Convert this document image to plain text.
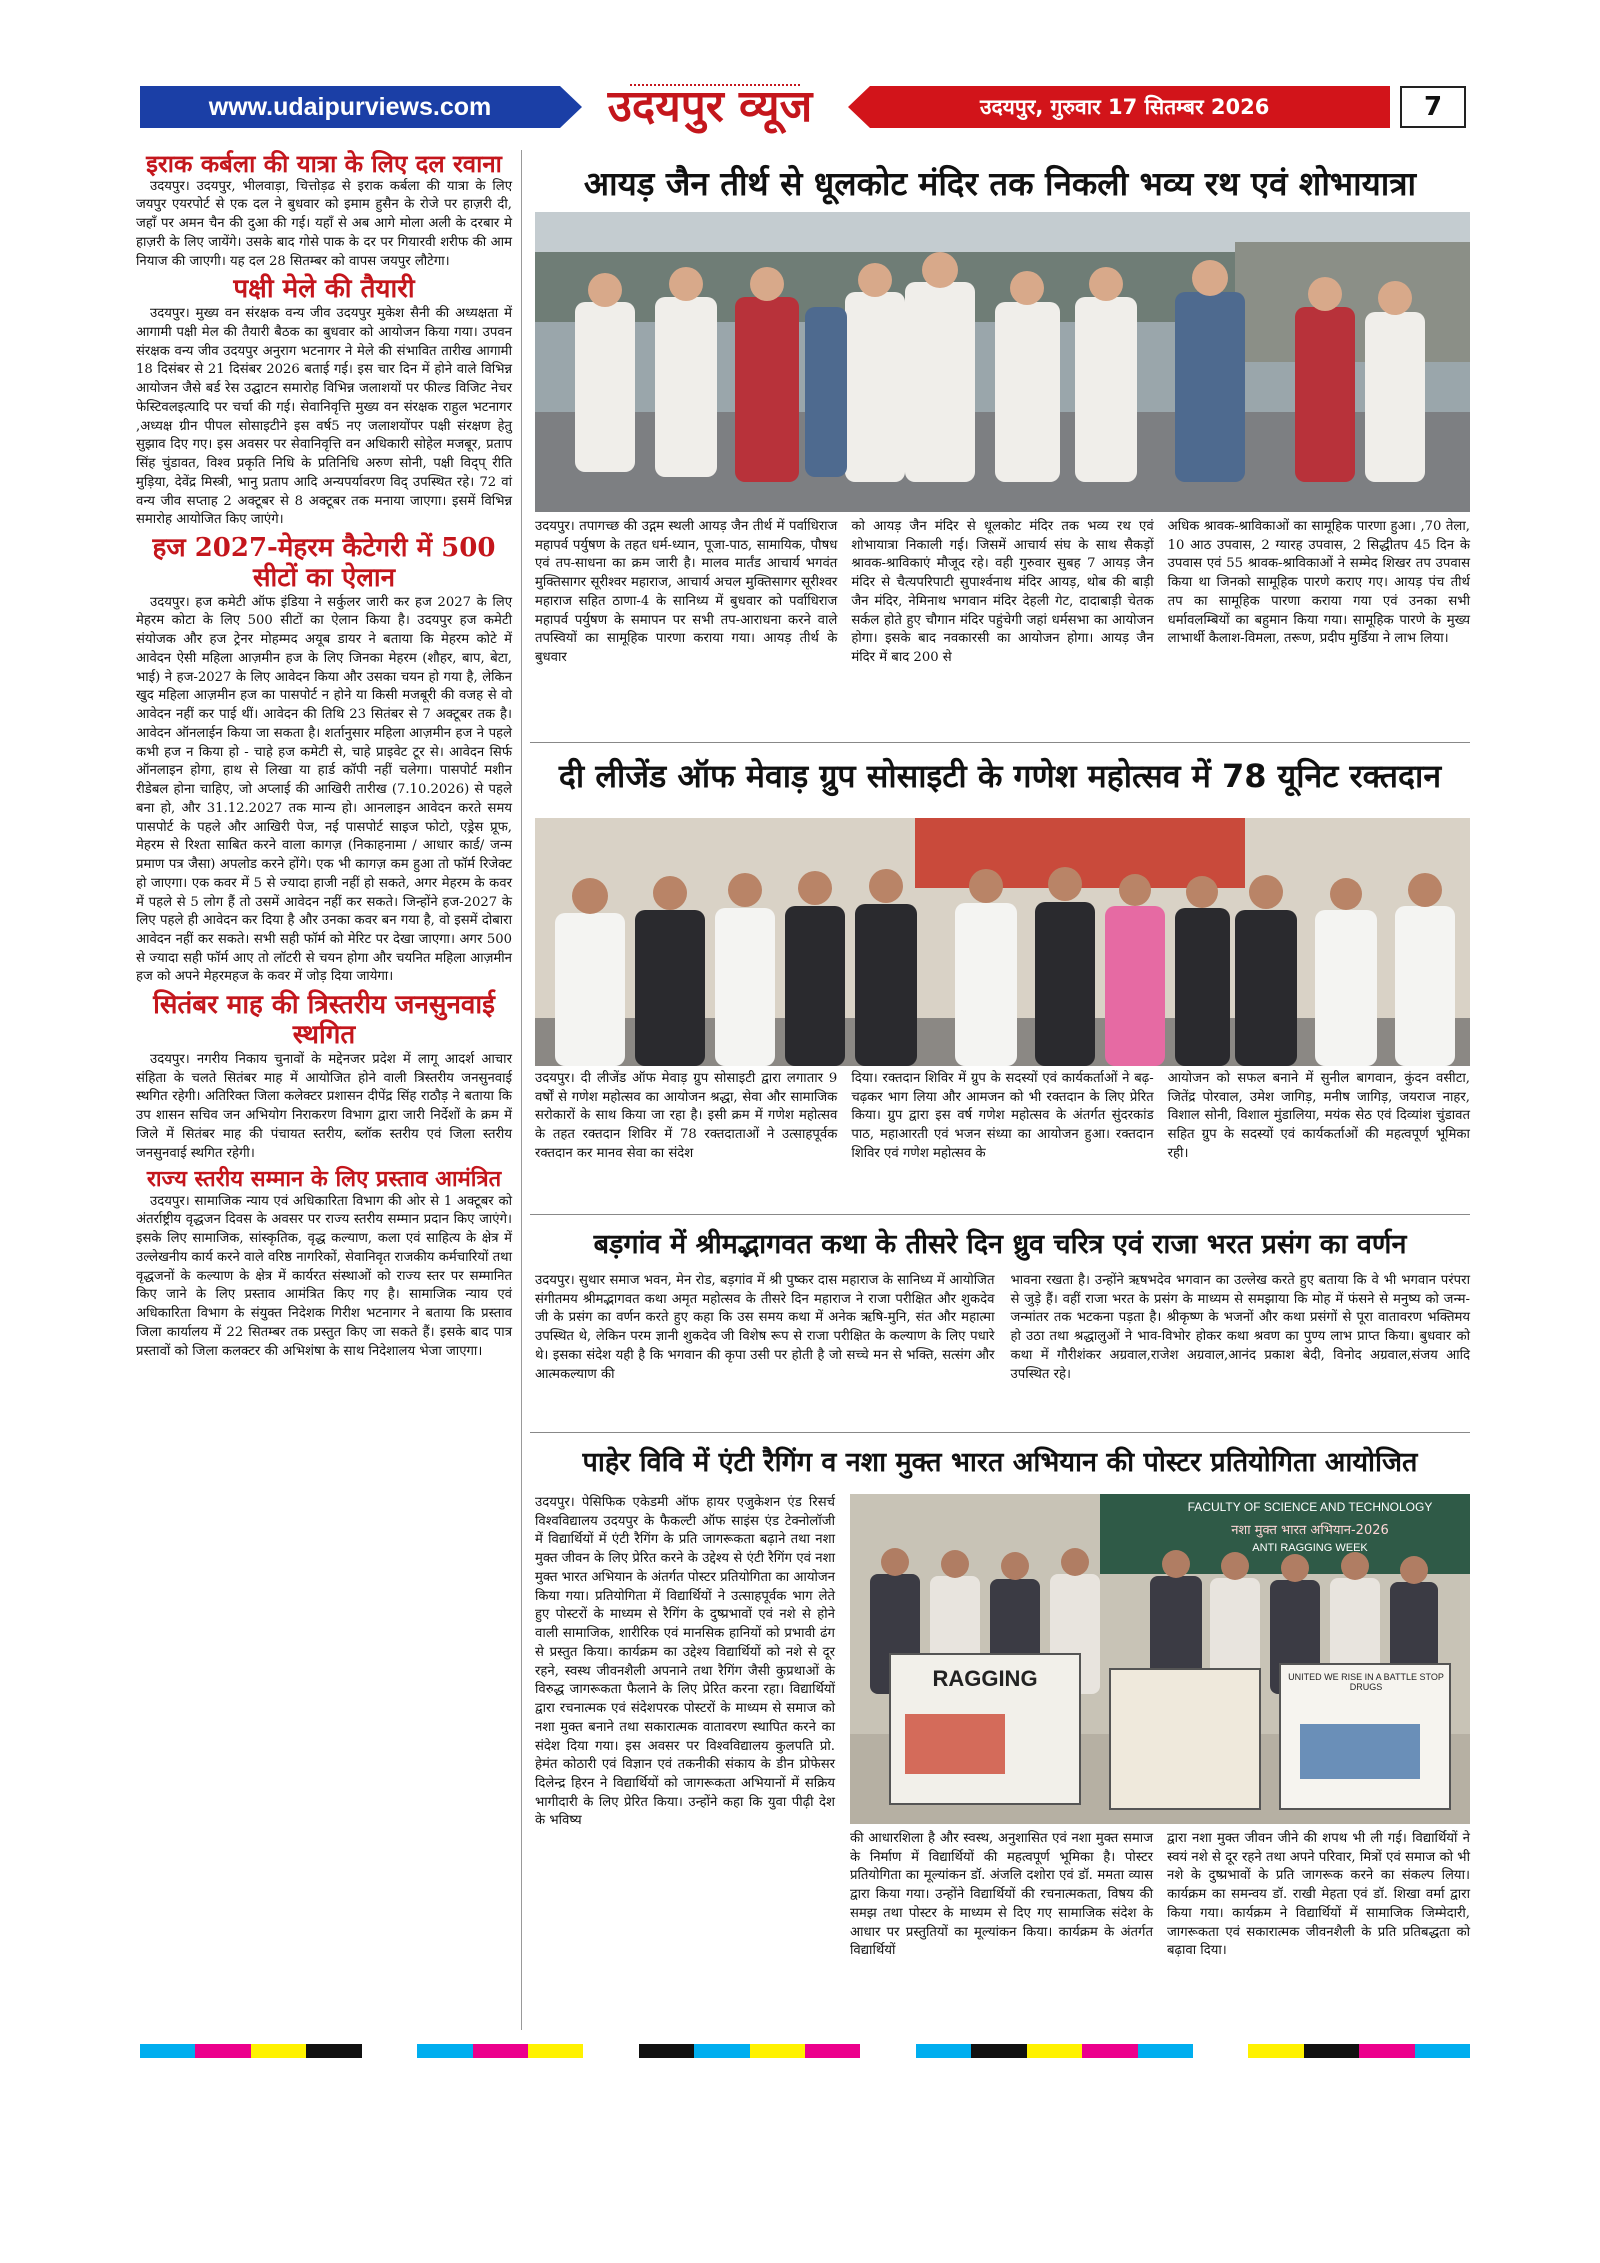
www.udaipurviews.com	उदयपुर व्यूज	उदयपुर, गुरुवार 17 सितम्बर 2026	7
इराक कर्बला की यात्रा के लिए दल रवाना

उदयपुर। उदयपुर, भीलवाड़ा, चित्तोड़ढ से इराक कर्बला की यात्रा के लिए जयपुर एयरपोर्ट से एक दल ने बुधवार को इमाम हुसैन के रोजे पर हाज़री दी, जहाँ पर अमन चैन की दुआ की गई। यहाँ से अब आगे मोला अली के दरबार मे हाज़री के लिए जायेंगे। उसके बाद गोसे पाक के दर पर गियारवी शरीफ की आम नियाज की जाएगी। यह दल 28 सितम्बर को वापस जयपुर लौटेगा।

पक्षी मेले की तैयारी

उदयपुर। मुख्य वन संरक्षक वन्य जीव उदयपुर मुकेश सैनी की अध्यक्षता में आगामी पक्षी मेल की तैयारी बैठक का बुधवार को आयोजन किया गया। उपवन संरक्षक वन्य जीव उदयपुर अनुराग भटनागर ने मेले की संभावित तारीख आगामी 18 दिसंबर से 21 दिसंबर 2026 बताई गई। इस चार दिन में होने वाले विभिन्न आयोजन जैसे बर्ड रेस उद्घाटन समारोह विभिन्न जलाशयों पर फील्ड विजिट नेचर फेस्टिवलइत्यादि पर चर्चा की गई। सेवानिवृत्ति मुख्य वन संरक्षक राहुल भटनागर ,अध्यक्ष ग्रीन पीपल सोसाइटीने इस वर्ष5 नए जलाशयोंपर पक्षी संरक्षण हेतु सुझाव दिए गए। इस अवसर पर सेवानिवृत्ति वन अधिकारी सोहेल मजबूर, प्रताप सिंह चुंडावत, विश्व प्रकृति निधि के प्रतिनिधि अरुण सोनी, पक्षी विद्प् रीति मुड़िया, देवेंद्र मिस्त्री, भानु प्रताप आदि अन्यपर्यावरण विद् उपस्थित रहे। 72 वां वन्य जीव सप्ताह 2 अक्टूबर से 8 अक्टूबर तक मनाया जाएगा। इसमें विभिन्न समारोह आयोजित किए जाएंगे।

हज 2027-मेहरम कैटेगरी में 500 सीटों का ऐलान

उदयपुर। हज कमेटी ऑफ इंडिया ने सर्कुलर जारी कर हज 2027 के लिए मेहरम कोटा के लिए 500 सीटों का ऐलान किया है। उदयपुर हज कमेटी संयोजक और हज ट्रेनर मोहम्मद अयूब डायर ने बताया कि मेहरम कोटे में आवेदन ऐसी महिला आज़मीन हज के लिए जिनका मेहरम (शौहर, बाप, बेटा, भाई) ने हज-2027 के लिए आवेदन किया और उसका चयन हो गया है, लेकिन खुद महिला आज़मीन हज का पासपोर्ट न होने या किसी मजबूरी की वजह से वो आवेदन नहीं कर पाई थीं। आवेदन की तिथि 23 सितंबर से 7 अक्टूबर तक है। आवेदन ऑनलाईन किया जा सकता है। शर्तानुसार महिला आज़मीन हज ने पहले कभी हज न किया हो - चाहे हज कमेटी से, चाहे प्राइवेट टूर से। आवेदन सिर्फ ऑनलाइन होगा, हाथ से लिखा या हार्ड कॉपी नहीं चलेगा। पासपोर्ट मशीन रीडेबल होना चाहिए, जो अप्लाई की आखिरी तारीख (7.10.2026) से पहले बना हो, और 31.12.2027 तक मान्य हो। आनलाइन आवेदन करते समय पासपोर्ट के पहले और आखिरी पेज, नई पासपोर्ट साइज फोटो, एड्रेस प्रूफ, मेहरम से रिश्ता साबित करने वाला कागज़ (निकाहनामा / आधार कार्ड/ जन्म प्रमाण पत्र जैसा) अपलोड करने होंगे। एक भी कागज़ कम हुआ तो फॉर्म रिजेक्ट हो जाएगा। एक कवर में 5 से ज्यादा हाजी नहीं हो सकते, अगर मेहरम के कवर में पहले से 5 लोग हैं तो उसमें आवेदन नहीं कर सकते। जिन्होंने हज-2027 के लिए पहले ही आवेदन कर दिया है और उनका कवर बन गया है, वो इसमें दोबारा आवेदन नहीं कर सकते। सभी सही फॉर्म को मेरिट पर देखा जाएगा। अगर 500 से ज्यादा सही फॉर्म आए तो लॉटरी से चयन होगा और चयनित महिला आज़मीन हज को अपने मेहरमहज के कवर में जोड़ दिया जायेगा।

सितंबर माह की त्रिस्तरीय जनसुनवाई स्थगित

उदयपुर। नगरीय निकाय चुनावों के मद्देनजर प्रदेश में लागू आदर्श आचार संहिता के चलते सितंबर माह में आयोजित होने वाली त्रिस्तरीय जनसुनवाई स्थगित रहेगी। अतिरिक्त जिला कलेक्टर प्रशासन दीपेंद्र सिंह राठौड़ ने बताया कि उप शासन सचिव जन अभियोग निराकरण विभाग द्वारा जारी निर्देशों के क्रम में जिले में सितंबर माह की पंचायत स्तरीय, ब्लॉक स्तरीय एवं जिला स्तरीय जनसुनवाई स्थगित रहेगी।

राज्य स्तरीय सम्मान के लिए प्रस्ताव आमंत्रित

उदयपुर। सामाजिक न्याय एवं अधिकारिता विभाग की ओर से 1 अक्टूबर को अंतर्राष्ट्रीय वृद्धजन दिवस के अवसर पर राज्य स्तरीय सम्मान प्रदान किए जाएंगे। इसके लिए सामाजिक, सांस्कृतिक, वृद्ध कल्याण, कला एवं साहित्य के क्षेत्र में उल्लेखनीय कार्य करने वाले वरिष्ठ नागरिकों, सेवानिवृत राजकीय कर्मचारियों तथा वृद्धजनों के कल्याण के क्षेत्र में कार्यरत संस्थाओं को राज्य स्तर पर सम्मानित किए जाने के लिए प्रस्ताव आमंत्रित किए गए है। सामाजिक न्याय एवं अधिकारिता विभाग के संयुक्त निदेशक गिरीश भटनागर ने बताया कि प्रस्ताव जिला कार्यालय में 22 सितम्बर तक प्रस्तुत किए जा सकते हैं। इसके बाद पात्र प्रस्तावों को जिला कलक्टर की अभिशंषा के साथ निदेशालय भेजा जाएगा।

आयड़ जैन तीर्थ से धूलकोट मंदिर तक निकली भव्य रथ एवं शोभायात्रा
उदयपुर। तपागच्छ की उद्गम स्थली आयड़ जैन तीर्थ में पर्वाधिराज महापर्व पर्युषण के तहत धर्म-ध्यान, पूजा-पाठ, सामायिक, पौषध एवं तप-साधना का क्रम जारी है। मालव मार्तंड आचार्य भगवंत मुक्तिसागर सूरीश्वर महाराज, आचार्य अचल मुक्तिसागर सूरीश्वर महाराज सहित ठाणा-4 के सानिध्य में बुधवार को पर्वाधिराज महापर्व पर्युषण के समापन पर सभी तप-आराधना करने वाले तपस्वियों का सामूहिक पारणा कराया गया। आयड़ तीर्थ के बुधवार
को आयड़ जैन मंदिर से धूलकोट मंदिर तक भव्य रथ एवं शोभायात्रा निकाली गई। जिसमें आचार्य संघ के साथ सैकड़ों श्रावक-श्राविकाएं मौजूद रहे। वही गुरुवार सुबह 7 आयड़ जैन मंदिर से चैत्यपरिपाटी सुपार्श्वनाथ मंदिर आयड़, थोब की बाड़ी जैन मंदिर, नेमिनाथ भगवान मंदिर देहली गेट, दादाबाड़ी चेतक सर्कल होते हुए चौगान मंदिर पहुंचेगी जहां धर्मसभा का आयोजन होगा। इसके बाद नवकारसी का आयोजन होगा। आयड़ जैन मंदिर में बाद 200 से
अधिक श्रावक-श्राविकाओं का सामूहिक पारणा हुआ। ,70 तेला, 10 आठ उपवास, 2 ग्यारह उपवास, 2 सिद्धीतप 45 दिन के उपवास एवं 55 श्रावक-श्राविकाओं ने सम्मेद शिखर तप उपवास किया था जिनको सामूहिक पारणे कराए गए। आयड़ पंच तीर्थ तप का सामूहिक पारणा कराया गया एवं उनका सभी धर्मावलम्बियों का बहुमान किया गया। सामूहिक पारणे के मुख्य लाभार्थी कैलाश-विमला, तरूण, प्रदीप मुर्डिया ने लाभ लिया।
दी लीजेंड ऑफ मेवाड़ ग्रुप सोसाइटी के गणेश महोत्सव में 78 यूनिट रक्तदान
उदयपुर। दी लीजेंड ऑफ मेवाड़ ग्रुप सोसाइटी द्वारा लगातार 9 वर्षों से गणेश महोत्सव का आयोजन श्रद्धा, सेवा और सामाजिक सरोकारों के साथ किया जा रहा है। इसी क्रम में गणेश महोत्सव के तहत रक्तदान शिविर में 78 रक्तदाताओं ने उत्साहपूर्वक रक्तदान कर मानव सेवा का संदेश
दिया। रक्तदान शिविर में ग्रुप के सदस्यों एवं कार्यकर्ताओं ने बढ़-चढ़कर भाग लिया और आमजन को भी रक्तदान के लिए प्रेरित किया। ग्रुप द्वारा इस वर्ष गणेश महोत्सव के अंतर्गत सुंदरकांड पाठ, महाआरती एवं भजन संध्या का आयोजन हुआ। रक्तदान शिविर एवं गणेश महोत्सव के
आयोजन को सफल बनाने में सुनील बागवान, कुंदन वसीटा, जितेंद्र पोरवाल, उमेश जागिड़, मनीष जागिड़, जयराज नाहर, विशाल सोनी, विशाल मुंडालिया, मयंक सेठ एवं दिव्यांश चुंडावत सहित ग्रुप के सदस्यों एवं कार्यकर्ताओं की महत्वपूर्ण भूमिका रही।
बड़गांव में श्रीमद्भागवत कथा के तीसरे दिन ध्रुव चरित्र एवं राजा भरत प्रसंग का वर्णन
उदयपुर। सुथार समाज भवन, मेन रोड, बड़गांव में श्री पुष्कर दास महाराज के सानिध्य में आयोजित संगीतमय श्रीमद्भागवत कथा अमृत महोत्सव के तीसरे दिन महाराज ने राजा परीक्षित और शुकदेव जी के प्रसंग का वर्णन करते हुए कहा कि उस समय कथा में अनेक ऋषि-मुनि, संत और महात्मा उपस्थित थे, लेकिन परम ज्ञानी शुकदेव जी विशेष रूप से राजा परीक्षित के कल्याण के लिए पधारे थे। इसका संदेश यही है कि भगवान की कृपा उसी पर होती है जो सच्चे मन से भक्ति, सत्संग और आत्मकल्याण की
भावना रखता है। उन्होंने ऋषभदेव भगवान का उल्लेख करते हुए बताया कि वे भी भगवान परंपरा से जुड़े हैं। वहीं राजा भरत के प्रसंग के माध्यम से समझाया कि मोह में फंसने से मनुष्य को जन्म-जन्मांतर तक भटकना पड़ता है। श्रीकृष्ण के भजनों और कथा प्रसंगों से पूरा वातावरण भक्तिमय हो उठा तथा श्रद्धालुओं ने भाव-विभोर होकर कथा श्रवण का पुण्य लाभ प्राप्त किया। बुधवार को कथा में गौरीशंकर अग्रवाल,राजेश अग्रवाल,आनंद प्रकाश बेदी, विनोद अग्रवाल,संजय आदि उपस्थित रहे।
पाहेर विवि में एंटी रैगिंग व नशा मुक्त भारत अभियान की पोस्टर प्रतियोगिता आयोजित
उदयपुर। पेसिफिक एकेडमी ऑफ हायर एजुकेशन एंड रिसर्च विश्वविद्यालय उदयपुर के फैकल्टी ऑफ साइंस एंड टेक्नोलॉजी में विद्यार्थियों में एंटी रैगिंग के प्रति जागरूकता बढ़ाने तथा नशा मुक्त जीवन के लिए प्रेरित करने के उद्देश्य से एंटी रैगिंग एवं नशा मुक्त भारत अभियान के अंतर्गत पोस्टर प्रतियोगिता का आयोजन किया गया। प्रतियोगिता में विद्यार्थियों ने उत्साहपूर्वक भाग लेते हुए पोस्टरों के माध्यम से रैगिंग के दुष्प्रभावों एवं नशे से होने वाली सामाजिक, शारीरिक एवं मानसिक हानियों को प्रभावी ढंग से प्रस्तुत किया। कार्यक्रम का उद्देश्य विद्यार्थियों को नशे से दूर रहने, स्वस्थ जीवनशैली अपनाने तथा रैगिंग जैसी कुप्रथाओं के विरुद्ध जागरूकता फैलाने के लिए प्रेरित करना रहा। विद्यार्थियों द्वारा रचनात्मक एवं संदेशपरक पोस्टरों के माध्यम से समाज को नशा मुक्त बनाने तथा सकारात्मक वातावरण स्थापित करने का संदेश दिया गया। इस अवसर पर विश्वविद्यालय कुलपति प्रो. हेमंत कोठारी एवं विज्ञान एवं तकनीकी संकाय के डीन प्रोफेसर दिलेन्द्र हिरन ने विद्यार्थियों को जागरूकता अभियानों में सक्रिय भागीदारी के लिए प्रेरित किया। उन्होंने कहा कि युवा पीढ़ी देश के भविष्य
FACULTY OF SCIENCE AND TECHNOLOGY
नशा मुक्त भारत अभियान-2026
ANTI RAGGING WEEK
RAGGING	UNITED WE RISE IN A BATTLE STOP DRUGS
की आधारशिला है और स्वस्थ, अनुशासित एवं नशा मुक्त समाज के निर्माण में विद्यार्थियों की महत्वपूर्ण भूमिका है। पोस्टर प्रतियोगिता का मूल्यांकन डॉ. अंजलि दशोरा एवं डॉ. ममता व्यास द्वारा किया गया। उन्होंने विद्यार्थियों की रचनात्मकता, विषय की समझ तथा पोस्टर के माध्यम से दिए गए सामाजिक संदेश के आधार पर प्रस्तुतियों का मूल्यांकन किया। कार्यक्रम के अंतर्गत विद्यार्थियों
द्वारा नशा मुक्त जीवन जीने की शपथ भी ली गई। विद्यार्थियों ने स्वयं नशे से दूर रहने तथा अपने परिवार, मित्रों एवं समाज को भी नशे के दुष्प्रभावों के प्रति जागरूक करने का संकल्प लिया। कार्यक्रम का समन्वय डॉ. राखी मेहता एवं डॉ. शिखा वर्मा द्वारा किया गया। कार्यक्रम ने विद्यार्थियों में सामाजिक जिम्मेदारी, जागरूकता एवं सकारात्मक जीवनशैली के प्रति प्रतिबद्धता को बढ़ावा दिया।
